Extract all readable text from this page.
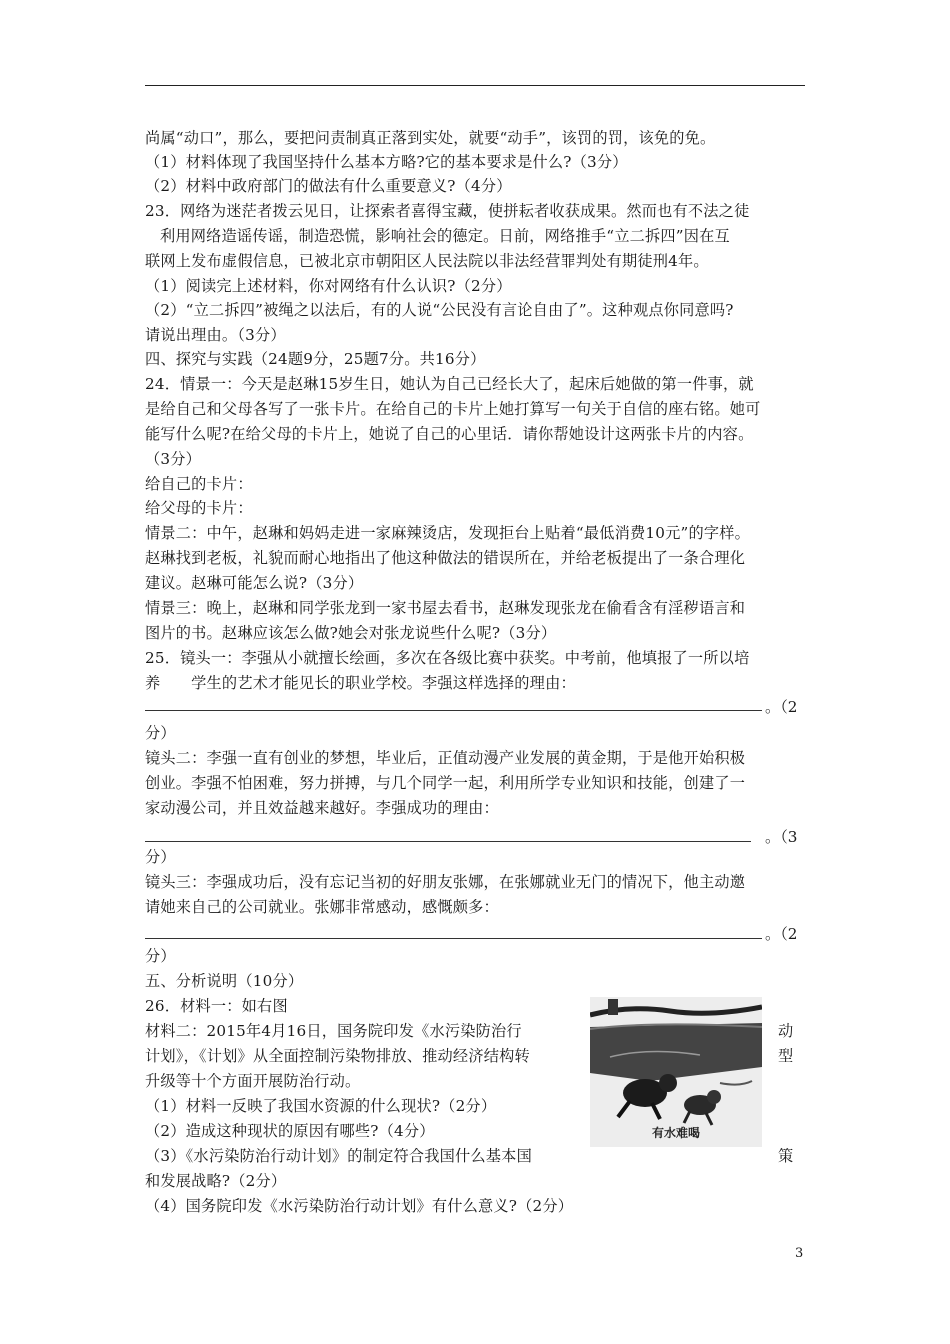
尚属“动口”，那么，要把问责制真正落到实处，就要“动手”，该罚的罚，该免的免。
（1）材料体现了我国坚持什么基本方略?它的基本要求是什么?（3分）
（2）材料中政府部门的做法有什么重要意义?（4分）
23．网络为迷茫者拨云见日，让探索者喜得宝藏，使拼耘者收获成果。然而也有不法之徒
利用网络造谣传谣，制造恐慌，影响社会的德定。日前，网络推手“立二拆四”因在互
联网上发布虚假信息，已被北京市朝阳区人民法院以非法经营罪判处有期徒刑4年。
（1）阅读完上述材料，你对网络有什么认识?（2分）
（2）“立二拆四”被绳之以法后，有的人说“公民没有言论自由了”。这种观点你同意吗?
请说出理由。（3分）
四、探究与实践（24题9分，25题7分。共16分）
24．情景一：今天是赵琳15岁生日，她认为自己已经长大了，起床后她做的第一件事，就
是给自己和父母各写了一张卡片。在给自己的卡片上她打算写一句关于自信的座右铭。她可
能写什么呢?在给父母的卡片上，她说了自己的心里话．请你帮她设计这两张卡片的内容。
（3分）
给自己的卡片：
给父母的卡片：
情景二：中午，赵琳和妈妈走进一家麻辣烫店，发现拒台上贴着“最低消费10元”的字样。
赵琳找到老板，礼貌而耐心地指出了他这种做法的错误所在，并给老板提出了一条合理化
建议。赵琳可能怎么说?（3分）
情景三：晚上，赵琳和同学张龙到一家书屋去看书，赵琳发现张龙在偷看含有淫秽语言和
图片的书。赵琳应该怎么做?她会对张龙说些什么呢?（3分）
25．镜头一：李强从小就擅长绘画，多次在各级比赛中获奖。中考前，他填报了一所以培
养　　学生的艺术才能见长的职业学校。李强这样选择的理由：
。（2
分）
镜头二：李强一直有创业的梦想，毕业后，正值动漫产业发展的黄金期，于是他开始积极
创业。李强不怕困难，努力拼搏，与几个同学一起，利用所学专业知识和技能，创建了一
家动漫公司，并且效益越来越好。李强成功的理由：
。（3
分）
镜头三：李强成功后，没有忘记当初的好朋友张娜，在张娜就业无门的情况下，他主动邀
请她来自己的公司就业。张娜非常感动，感慨颇多：
。（2
分）
五、分析说明（10分）
26．材料一：如右图
材料二：2015年4月16日，国务院印发《水污染防治行
计划》，《计划》从全面控制污染物排放、推动经济结构转
升级等十个方面开展防治行动。
（1）材料一反映了我国水资源的什么现状?（2分）
（2）造成这种现状的原因有哪些?（4分）
（3）《水污染防治行动计划》的制定符合我国什么基本国
和发展战略?（2分）
（4）国务院印发《水污染防治行动计划》有什么意义?（2分）
动
型
策
有水难喝
3
